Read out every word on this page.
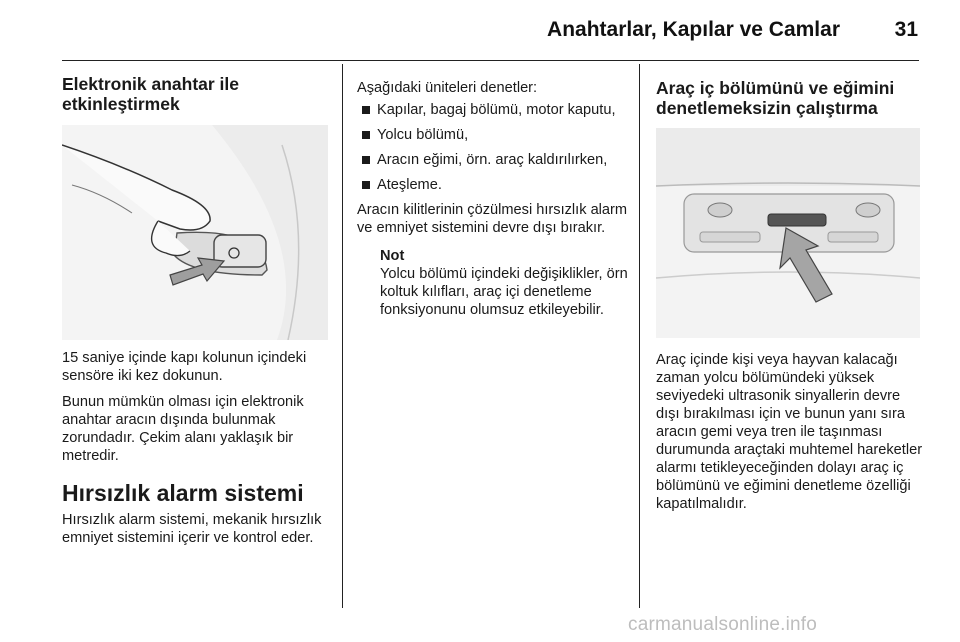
Anahtarlar, Kapılar ve Camlar	31
Elektronik anahtar ile etkinleştirmek

15 saniye içinde kapı kolunun içindeki sensöre iki kez dokunun.

Bunun mümkün olması için elektronik anahtar aracın dışında bulunmak zorundadır. Çekim alanı yaklaşık bir metredir.

Hırsızlık alarm sistemi

Hırsızlık alarm sistemi, mekanik hırsızlık emniyet sistemini içerir ve kontrol eder.

Aşağıdaki üniteleri denetler:

Kapılar, bagaj bölümü, motor kaputu,
Yolcu bölümü,
Aracın eğimi, örn. araç kaldırılırken,
Ateşleme.

Aracın kilitlerinin çözülmesi hırsızlık alarm ve emniyet sistemini devre dışı bırakır.

Not
Yolcu bölümü içindeki değişiklikler, örn koltuk kılıfları, araç içi denetleme fonksiyonunu olumsuz etkileyebilir.
Araç iç bölümünü ve eğimini denetlemeksizin çalıştırma

Araç içinde kişi veya hayvan kalacağı zaman yolcu bölümündeki yüksek seviyedeki ultrasonik sinyallerin devre dışı bırakılması için ve bunun yanı sıra aracın gemi veya tren ile taşınması durumunda araçtaki muhtemel hareketler alarmı tetikleyeceğinden dolayı araç iç bölümünü ve eğimini denetleme özelliği kapatılmalıdır.

carmanualsonline.info
